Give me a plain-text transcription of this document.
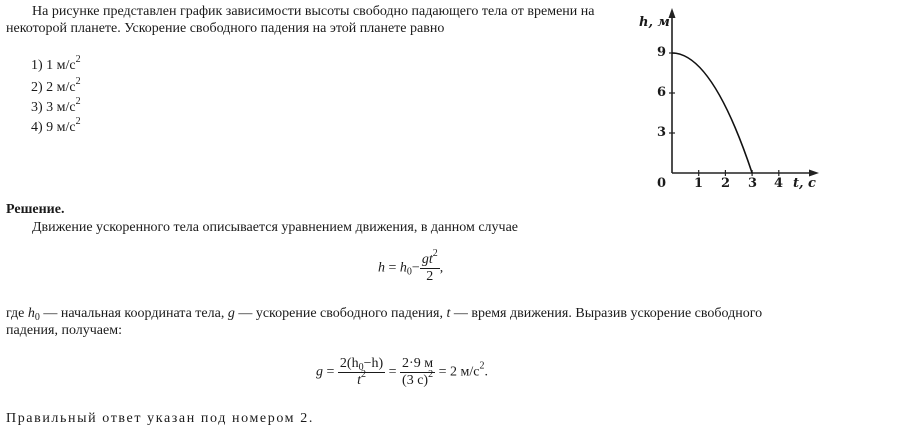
На рисунке представлен график зависимости высоты свободно падающего тела от времени на
некоторой планете. Ускорение свободного падения на этой планете равно
1) 1 $м/с^2$
2) 2 $м/с^2$
3) 3 $м/с^2$
4) 9 $м/с^2$
h, м
9
6
3
0 1 2 3 4 t, с
Решение.
Движение ускоренного тела описывается уравнением движения, в данном случае
$h = h_0- \frac{gt^2}{2}$ ,
где $h_0$ — начальная координата тела, g — ускорение свободного падения, t — время движения. Выразив ускорение свободного
падения, получаем:
$g = \frac{2(h_0-h)}{t^2} = \frac{2\cdot 9 м}{(3 с)^2} = 2$ $м/с^2$.
Правильный ответ указан под номером 2.
